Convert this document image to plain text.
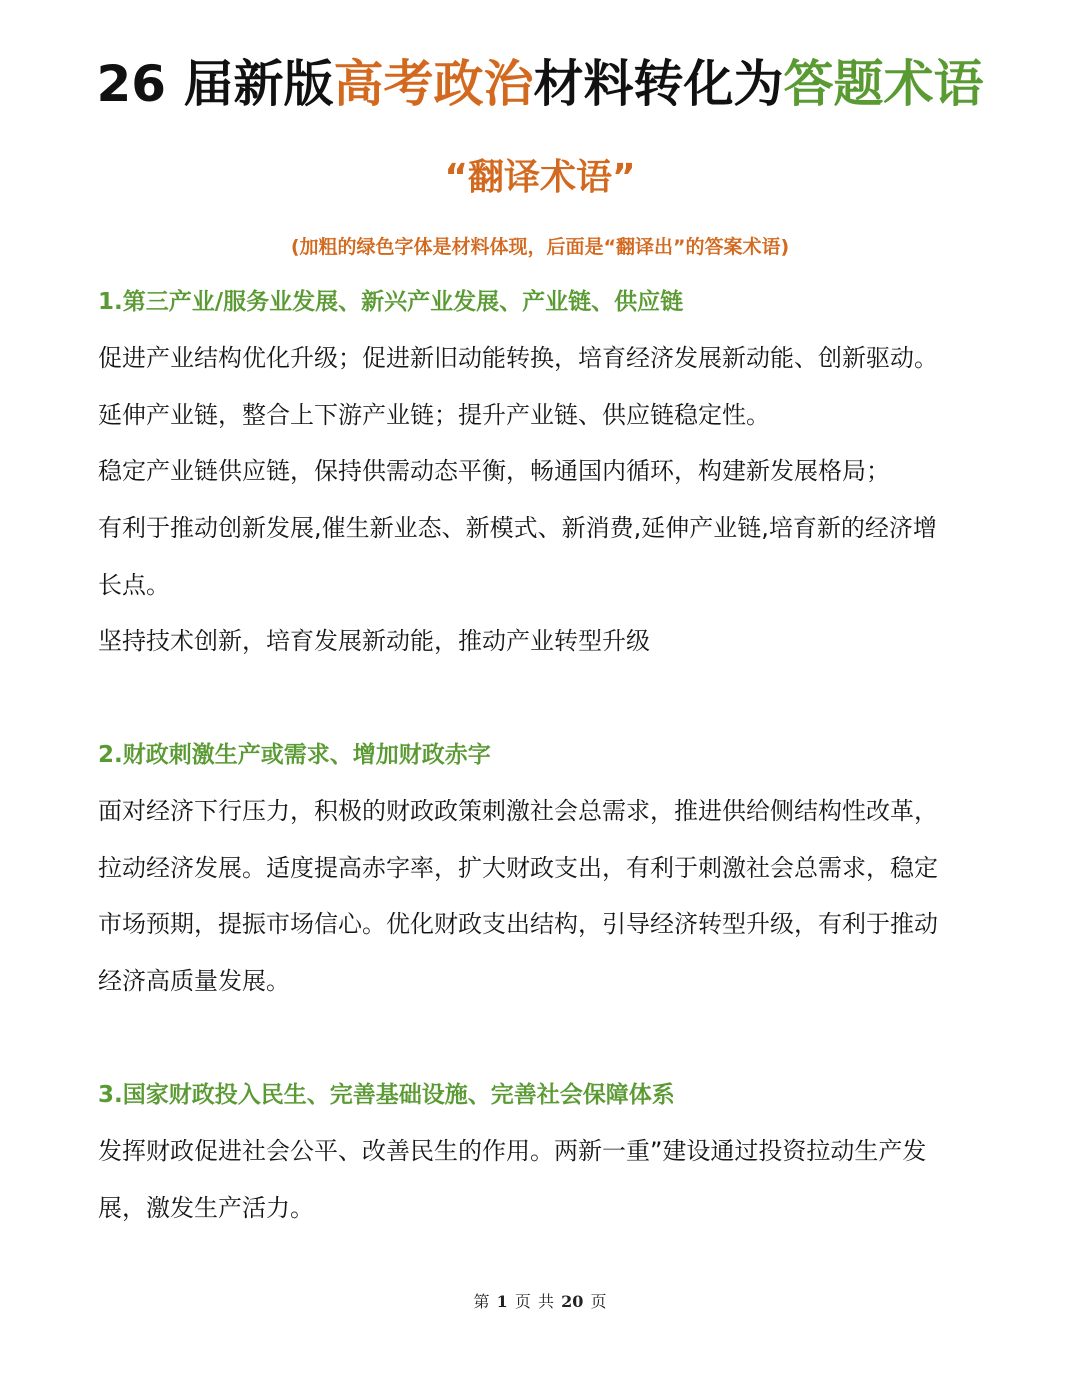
26 届新版高考政治材料转化为答题术语
“翻译术语”
(加粗的绿色字体是材料体现，后面是“翻译出”的答案术语)
1.第三产业/服务业发展、新兴产业发展、产业链、供应链
促进产业结构优化升级；促进新旧动能转换，培育经济发展新动能、创新驱动。
延伸产业链，整合上下游产业链；提升产业链、供应链稳定性。
稳定产业链供应链，保持供需动态平衡，畅通国内循环，构建新发展格局；
有利于推动创新发展,催生新业态、新模式、新消费,延伸产业链,培育新的经济增
长点。
坚持技术创新，培育发展新动能，推动产业转型升级
2.财政刺激生产或需求、增加财政赤字
面对经济下行压力，积极的财政政策刺激社会总需求，推进供给侧结构性改革，
拉动经济发展。适度提高赤字率，扩大财政支出，有利于刺激社会总需求，稳定
市场预期，提振市场信心。优化财政支出结构，引导经济转型升级，有利于推动
经济高质量发展。
3.国家财政投入民生、完善基础设施、完善社会保障体系
发挥财政促进社会公平、改善民生的作用。两新一重”建设通过投资拉动生产发
展，激发生产活力。
第 1 页 共 20 页
